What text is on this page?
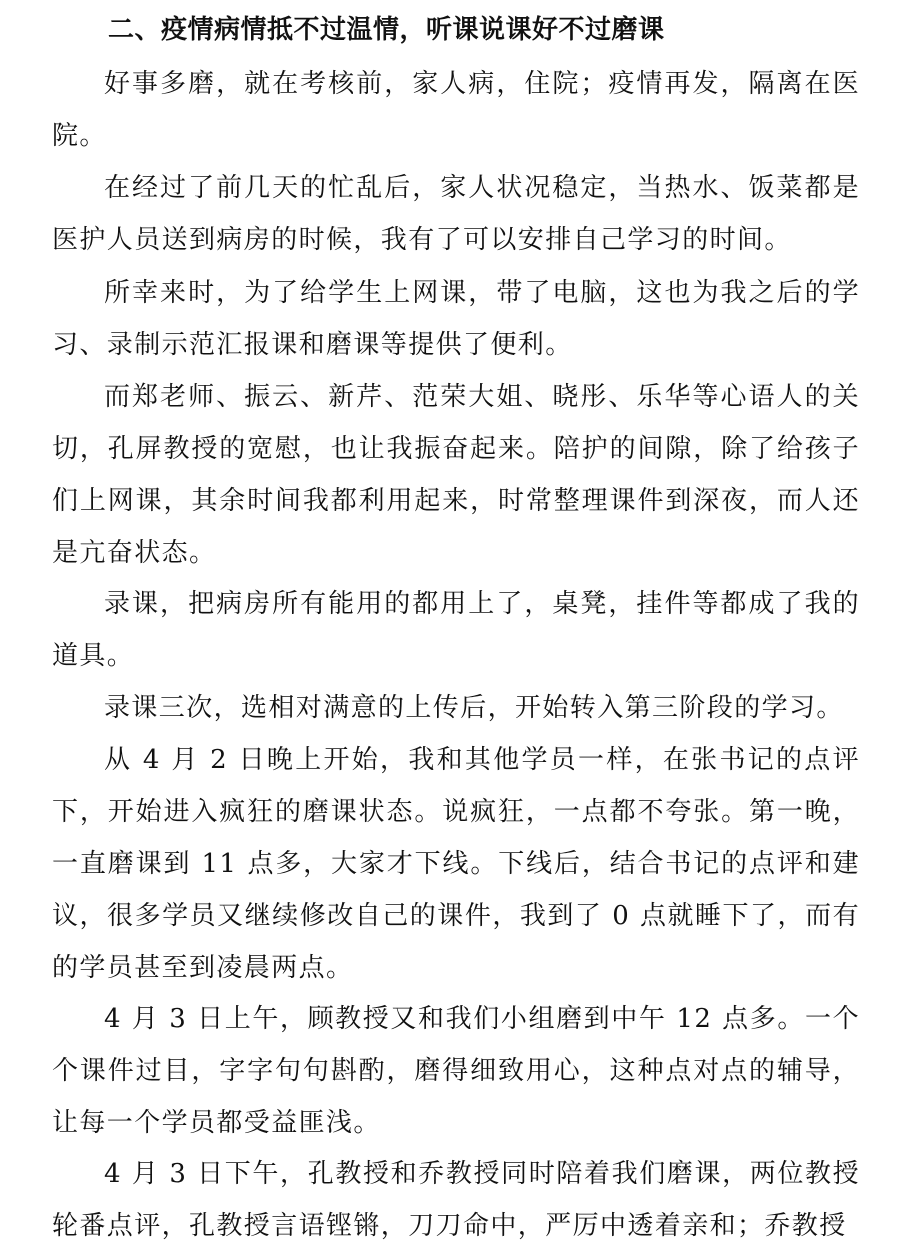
二、疫情病情抵不过温情，听课说课好不过磨课

好事多磨，就在考核前，家人病，住院；疫情再发，隔离在医院。

在经过了前几天的忙乱后，家人状况稳定，当热水、饭菜都是医护人员送到病房的时候，我有了可以安排自己学习的时间。

所幸来时，为了给学生上网课，带了电脑，这也为我之后的学习、录制示范汇报课和磨课等提供了便利。

而郑老师、振云、新芹、范荣大姐、晓彤、乐华等心语人的关切，孔屏教授的宽慰，也让我振奋起来。陪护的间隙，除了给孩子们上网课，其余时间我都利用起来，时常整理课件到深夜，而人还是亢奋状态。

录课，把病房所有能用的都用上了，桌凳，挂件等都成了我的道具。

录课三次，选相对满意的上传后，开始转入第三阶段的学习。

从 4 月 2 日晚上开始，我和其他学员一样，在张书记的点评下，开始进入疯狂的磨课状态。说疯狂，一点都不夸张。第一晚，一直磨课到 11 点多，大家才下线。下线后，结合书记的点评和建议，很多学员又继续修改自己的课件，我到了 0 点就睡下了，而有的学员甚至到凌晨两点。

4 月 3 日上午，顾教授又和我们小组磨到中午 12 点多。一个个课件过目，字字句句斟酌，磨得细致用心，这种点对点的辅导，让每一个学员都受益匪浅。

4 月 3 日下午，孔教授和乔教授同时陪着我们磨课，两位教授轮番点评，孔教授言语铿锵，刀刀命中，严厉中透着亲和；乔教授
